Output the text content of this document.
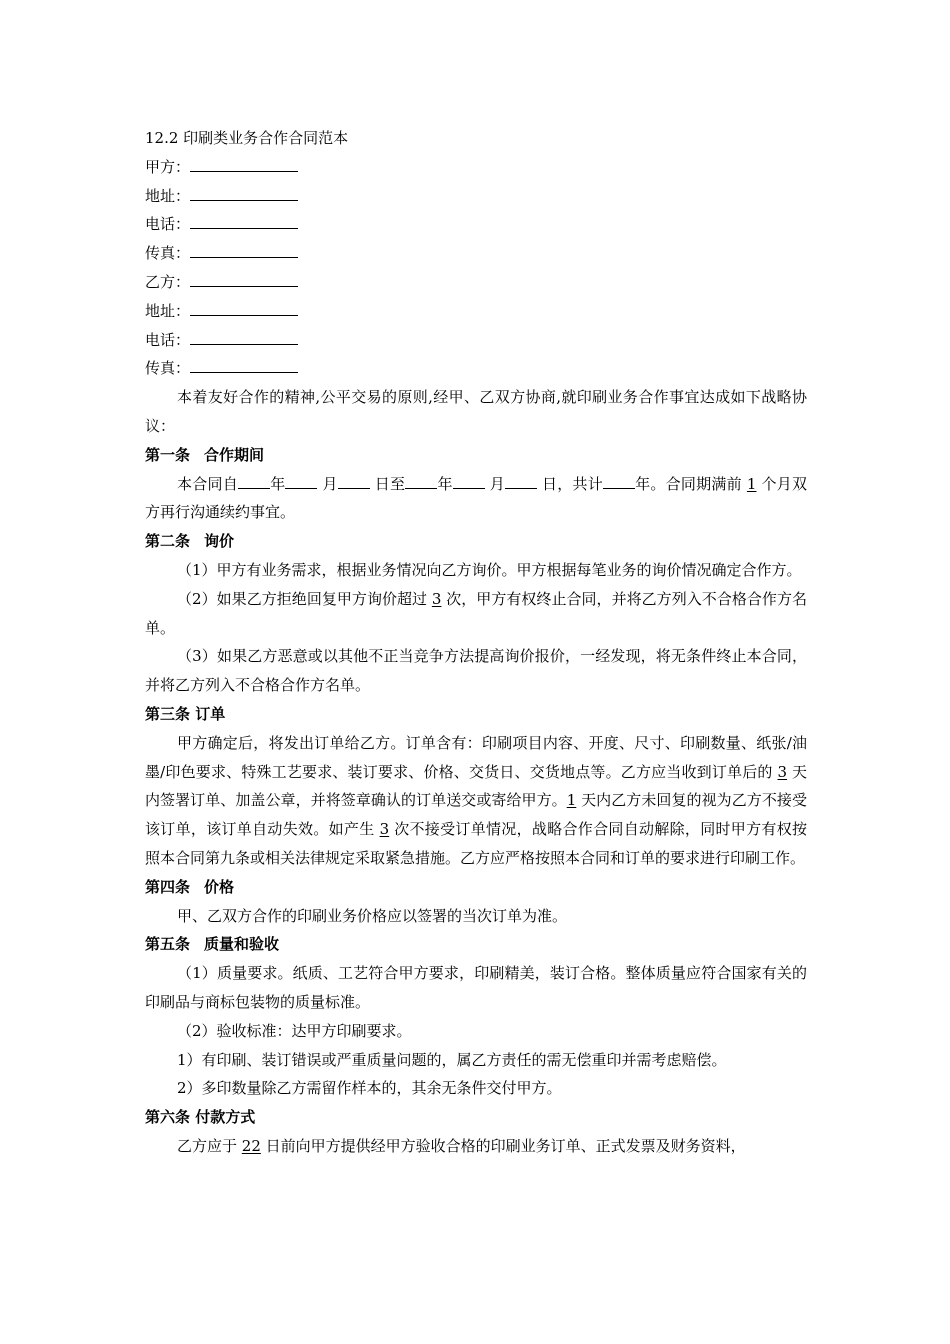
12.2 印刷类业务合作合同范本

甲方：

地址：

电话：

传真：

乙方：

地址：

电话：

传真：

本着友好合作的精神,公平交易的原则,经甲、乙双方协商,就印刷业务合作事宜达成如下战略协议：

第一条 合作期间

本合同自 年 月 日至 年 月 日，共计 年。合同期满前 1 个月双方再行沟通续约事宜。

第二条 询价

（1）甲方有业务需求，根据业务情况向乙方询价。甲方根据每笔业务的询价情况确定合作方。

（2）如果乙方拒绝回复甲方询价超过 3 次，甲方有权终止合同，并将乙方列入不合格合作方名单。

（3）如果乙方恶意或以其他不正当竞争方法提高询价报价，一经发现，将无条件终止本合同，并将乙方列入不合格合作方名单。

第三条 订单

甲方确定后，将发出订单给乙方。订单含有：印刷项目内容、开度、尺寸、印刷数量、纸张/油墨/印色要求、特殊工艺要求、装订要求、价格、交货日、交货地点等。乙方应当收到订单后的 3 天内签署订单、加盖公章，并将签章确认的订单送交或寄给甲方。1 天内乙方未回复的视为乙方不接受该订单，该订单自动失效。如产生 3 次不接受订单情况，战略合作合同自动解除，同时甲方有权按照本合同第九条或相关法律规定采取紧急措施。乙方应严格按照本合同和订单的要求进行印刷工作。

第四条 价格

甲、乙双方合作的印刷业务价格应以签署的当次订单为准。

第五条 质量和验收

（1）质量要求。纸质、工艺符合甲方要求，印刷精美，装订合格。整体质量应符合国家有关的印刷品与商标包装物的质量标准。

（2）验收标准：达甲方印刷要求。

1）有印刷、装订错误或严重质量问题的，属乙方责任的需无偿重印并需考虑赔偿。

2）多印数量除乙方需留作样本的，其余无条件交付甲方。

第六条 付款方式

乙方应于 22 日前向甲方提供经甲方验收合格的印刷业务订单、正式发票及财务资料，
